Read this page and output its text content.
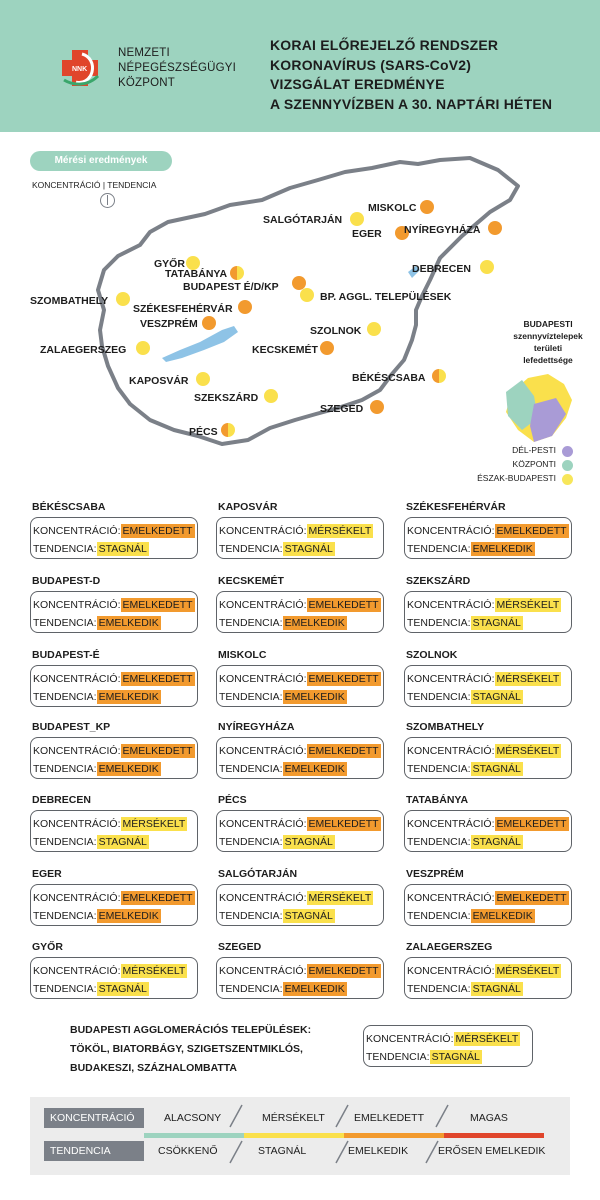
NNK
NEMZETI
NÉPEGÉSZSÉGÜGYI
KÖZPONT
KORAI ELŐREJELZŐ RENDSZER
KORONAVÍRUS (SARS-CoV2)
VIZSGÁLAT EREDMÉNYE
A SZENNYVÍZBEN A 30. NAPTÁRI HÉTEN
Mérési eredmények
KONCENTRÁCIÓ | TENDENCIA
MISKOLC
SALGÓTARJÁN
EGER NYÍREGYHÁZA
GYŐR
TATABÁNYA
BUDAPEST É/D/KP
DEBRECEN
SZOMBATHELY	BP. AGGL. TELEPÜLÉSEK
SZÉKESFEHÉRVÁR
VESZPRÉM
SZOLNOK
ZALAEGERSZEG	KECSKEMÉT
BÉKÉSCSABA
KAPOSVÁR
SZEKSZÁRD
SZEGED
PÉCS
BUDAPESTI
szennyvíztelepek
területi
lefedettsége
DÉL-PESTI
KÖZPONTI
ÉSZAK-BUDAPESTI
BÉKÉSCSABA
KONCENTRÁCIÓ: EMELKEDETT
TENDENCIA: STAGNÁL
KAPOSVÁR
KONCENTRÁCIÓ: MÉRSÉKELT
TENDENCIA: STAGNÁL
SZÉKESFEHÉRVÁR
KONCENTRÁCIÓ: EMELKEDETT
TENDENCIA: EMELKEDIK
BUDAPEST-D
KONCENTRÁCIÓ: EMELKEDETT
TENDENCIA: EMELKEDIK
KECSKEMÉT
KONCENTRÁCIÓ: EMELKEDETT
TENDENCIA: EMELKEDIK
SZEKSZÁRD
KONCENTRÁCIÓ: MÉRSÉKELT
TENDENCIA: STAGNÁL
BUDAPEST-É
KONCENTRÁCIÓ: EMELKEDETT
TENDENCIA: EMELKEDIK
MISKOLC
KONCENTRÁCIÓ: EMELKEDETT
TENDENCIA: EMELKEDIK
SZOLNOK
KONCENTRÁCIÓ: MÉRSÉKELT
TENDENCIA: STAGNÁL
BUDAPEST_KP
KONCENTRÁCIÓ: EMELKEDETT
TENDENCIA: EMELKEDIK
NYÍREGYHÁZA
KONCENTRÁCIÓ: EMELKEDETT
TENDENCIA: EMELKEDIK
SZOMBATHELY
KONCENTRÁCIÓ: MÉRSÉKELT
TENDENCIA: STAGNÁL
DEBRECEN
KONCENTRÁCIÓ: MÉRSÉKELT
TENDENCIA: STAGNÁL
PÉCS
KONCENTRÁCIÓ: EMELKEDETT
TENDENCIA: STAGNÁL
TATABÁNYA
KONCENTRÁCIÓ: EMELKEDETT
TENDENCIA: STAGNÁL
EGER
KONCENTRÁCIÓ: EMELKEDETT
TENDENCIA: EMELKEDIK
SALGÓTARJÁN
KONCENTRÁCIÓ: MÉRSÉKELT
TENDENCIA: STAGNÁL
VESZPRÉM
KONCENTRÁCIÓ: EMELKEDETT
TENDENCIA: EMELKEDIK
GYŐR
KONCENTRÁCIÓ: MÉRSÉKELT
TENDENCIA: STAGNÁL
SZEGED
KONCENTRÁCIÓ: EMELKEDETT
TENDENCIA: EMELKEDIK
ZALAEGERSZEG
KONCENTRÁCIÓ: MÉRSÉKELT
TENDENCIA: STAGNÁL
BUDAPESTI AGGLOMERÁCIÓS TELEPÜLÉSEK:
TÖKÖL, BIATORBÁGY, SZIGETSZENTMIKLÓS,
BUDAKESZI, SZÁZHALOMBATTA
KONCENTRÁCIÓ: MÉRSÉKELT
TENDENCIA: STAGNÁL
KONCENTRÁCIÓ
TENDENCIA
ALACSONY	MÉRSÉKELT	EMELKEDETT	MAGAS
CSÖKKENŐ	STAGNÁL	EMELKEDIK	ERŐSEN EMELKEDIK
